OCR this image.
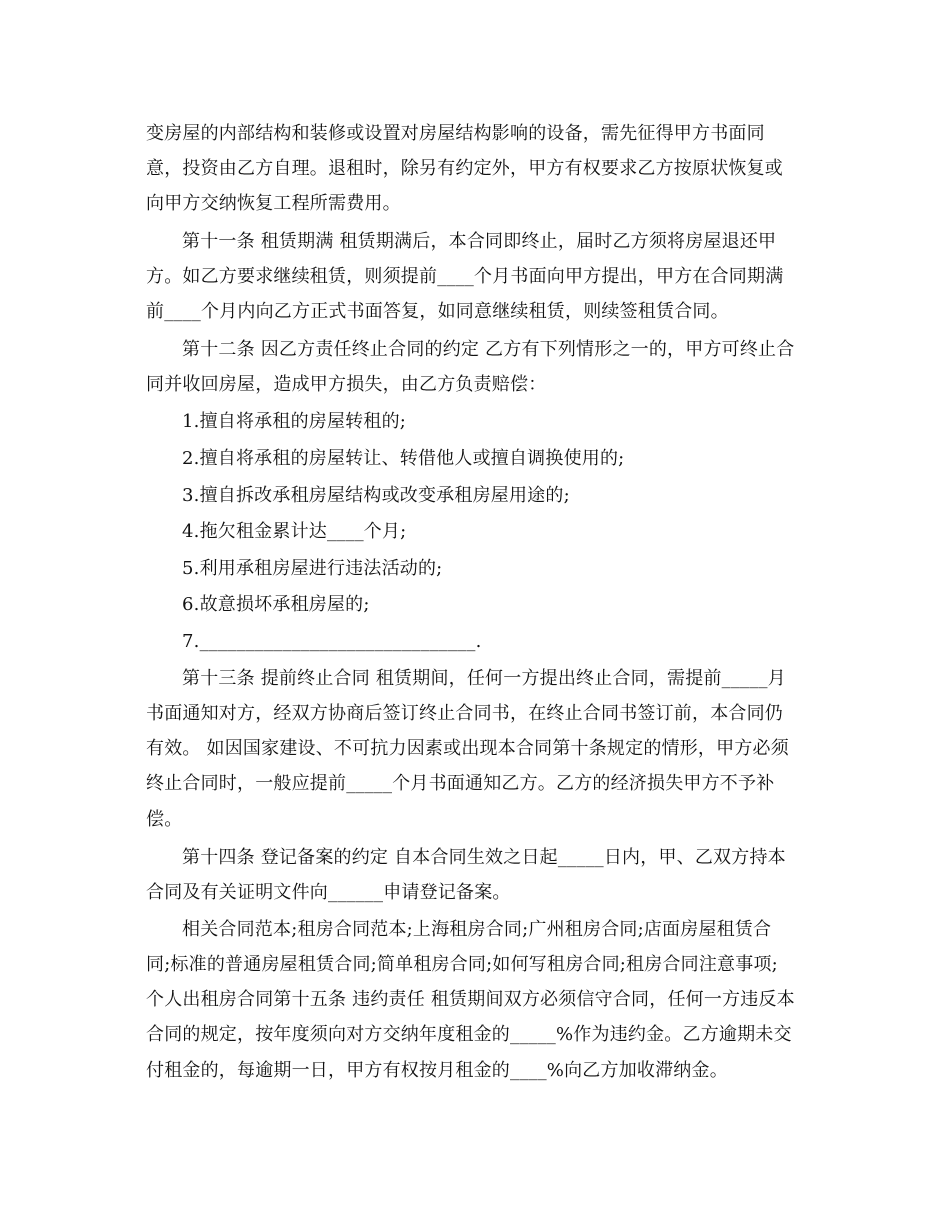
变房屋的内部结构和装修或设置对房屋结构影响的设备，需先征得甲方书面同
意，投资由乙方自理。退租时，除另有约定外，甲方有权要求乙方按原状恢复或
向甲方交纳恢复工程所需费用。
第十一条 租赁期满 租赁期满后，本合同即终止，届时乙方须将房屋退还甲
方。如乙方要求继续租赁，则须提前____个月书面向甲方提出，甲方在合同期满
前____个月内向乙方正式书面答复，如同意继续租赁，则续签租赁合同。
第十二条 因乙方责任终止合同的约定 乙方有下列情形之一的，甲方可终止合
同并收回房屋，造成甲方损失，由乙方负责赔偿：
1.擅自将承租的房屋转租的;
2.擅自将承租的房屋转让、转借他人或擅自调换使用的;
3.擅自拆改承租房屋结构或改变承租房屋用途的;
4.拖欠租金累计达____个月;
5.利用承租房屋进行违法活动的;
6.故意损坏承租房屋的;
7.______________________________.
第十三条 提前终止合同 租赁期间，任何一方提出终止合同，需提前_____月
书面通知对方，经双方协商后签订终止合同书，在终止合同书签订前，本合同仍
有效。 如因国家建设、不可抗力因素或出现本合同第十条规定的情形，甲方必须
终止合同时，一般应提前_____个月书面通知乙方。乙方的经济损失甲方不予补
偿。
第十四条 登记备案的约定 自本合同生效之日起_____日内，甲、乙双方持本
合同及有关证明文件向______申请登记备案。
相关合同范本;租房合同范本;上海租房合同;广州租房合同;店面房屋租赁合
同;标准的普通房屋租赁合同;简单租房合同;如何写租房合同;租房合同注意事项;
个人出租房合同第十五条 违约责任 租赁期间双方必须信守合同，任何一方违反本
合同的规定，按年度须向对方交纳年度租金的_____%作为违约金。乙方逾期未交
付租金的，每逾期一日，甲方有权按月租金的____%向乙方加收滞纳金。
